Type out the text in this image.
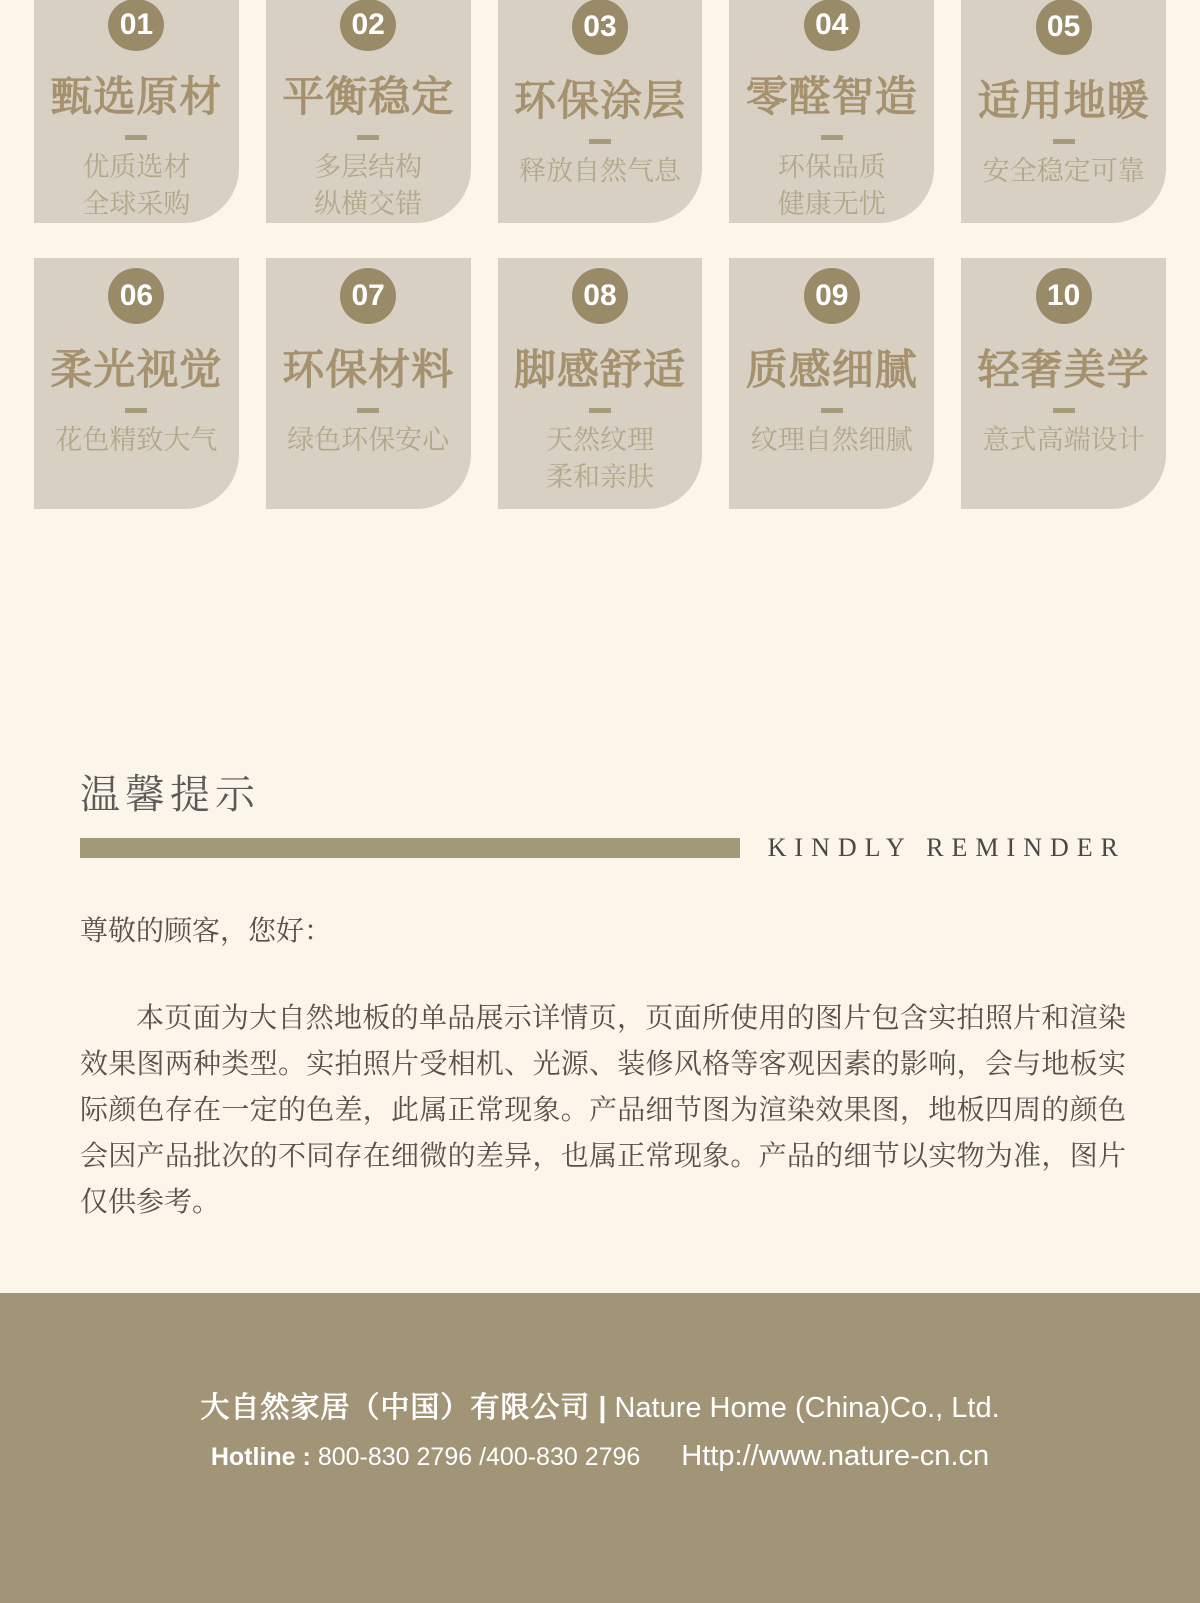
01
甄选原材
优质选材
全球采购
02
平衡稳定
多层结构
纵横交错
03
环保涂层
释放自然气息
04
零醛智造
环保品质
健康无忧
05
适用地暖
安全稳定可靠
06
柔光视觉
花色精致大气
07
环保材料
绿色环保安心
08
脚感舒适
天然纹理
柔和亲肤
09
质感细腻
纹理自然细腻
10
轻奢美学
意式高端设计
温馨提示
KINDLY REMINDER

尊敬的顾客，您好：

本页面为大自然地板的单品展示详情页，页面所使用的图片包含实拍照片和渲染效果图两种类型。实拍照片受相机、光源、装修风格等客观因素的影响，会与地板实际颜色存在一定的色差，此属正常现象。产品细节图为渲染效果图，地板四周的颜色会因产品批次的不同存在细微的差异，也属正常现象。产品的细节以实物为准，图片仅供参考。

大自然家居（中国）有限公司 | Nature Home (China)Co., Ltd.
Hotline : 800-830 2796 /400-830 2796 Http://www.nature-cn.cn
